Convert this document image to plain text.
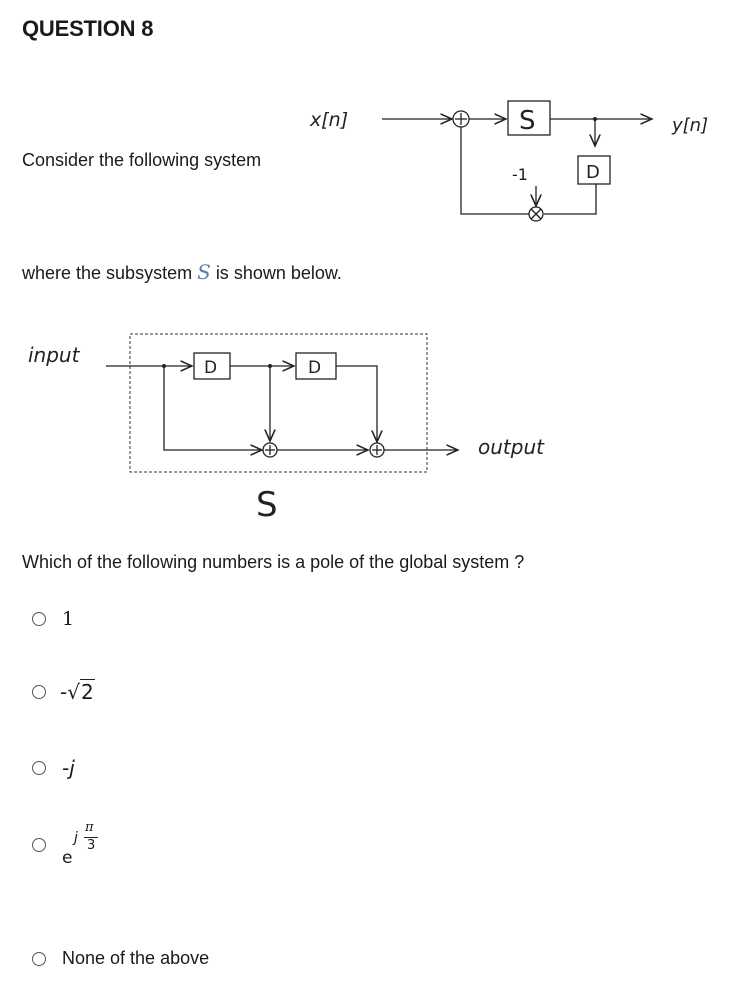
QUESTION 8
Consider the following system
x[n]	S	y[n]
D
-1
where the subsystem S is shown below.
input
D	D
output
S
Which of the following numbers is a pole of the global system ?
1
-√2
-j
e
j
π
3
None of the above
